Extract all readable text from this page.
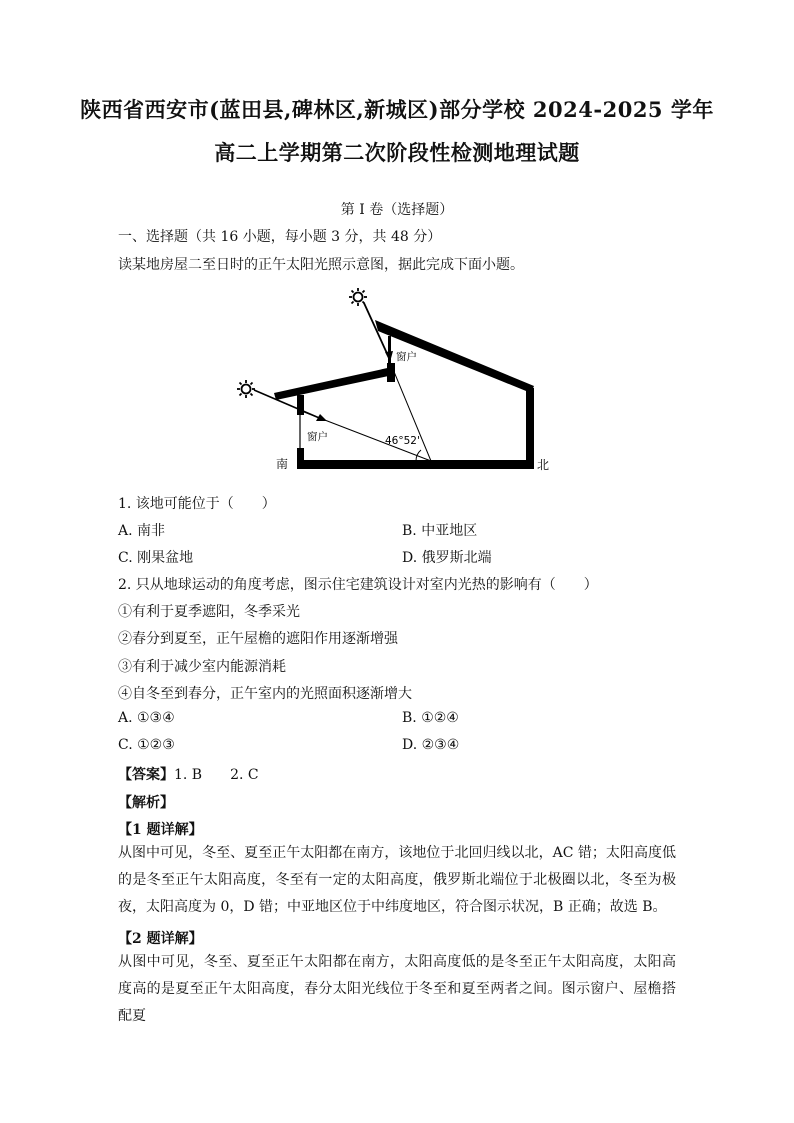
陕西省西安市(蓝田县,碑林区,新城区)部分学校 2024-2025 学年
高二上学期第二次阶段性检测地理试题
第 I 卷（选择题）
一、选择题（共 16 小题，每小题 3 分，共 48 分）
读某地房屋二至日时的正午太阳光照示意图，据此完成下面小题。
窗户
窗户	46°52'
南	北
1. 该地可能位于（　　）
A. 南非	B. 中亚地区
C. 刚果盆地	D. 俄罗斯北端
2. 只从地球运动的角度考虑，图示住宅建筑设计对室内光热的影响有（　　）
①有利于夏季遮阳，冬季采光
②春分到夏至，正午屋檐的遮阳作用逐渐增强
③有利于减少室内能源消耗
④自冬至到春分，正午室内的光照面积逐渐增大
A. ①③④	B. ①②④
C. ①②③	D. ②③④
【答案】1. B　　2. C
【解析】
【1 题详解】
从图中可见，冬至、夏至正午太阳都在南方，该地位于北回归线以北，AC 错；太阳高度低的是冬至正午太阳高度，冬至有一定的太阳高度，俄罗斯北端位于北极圈以北，冬至为极夜，太阳高度为 0，D 错；中亚地区位于中纬度地区，符合图示状况，B 正确；故选 B。
【2 题详解】
从图中可见，冬至、夏至正午太阳都在南方，太阳高度低的是冬至正午太阳高度，太阳高度高的是夏至正午太阳高度，春分太阳光线位于冬至和夏至两者之间。图示窗户、屋檐搭配夏
